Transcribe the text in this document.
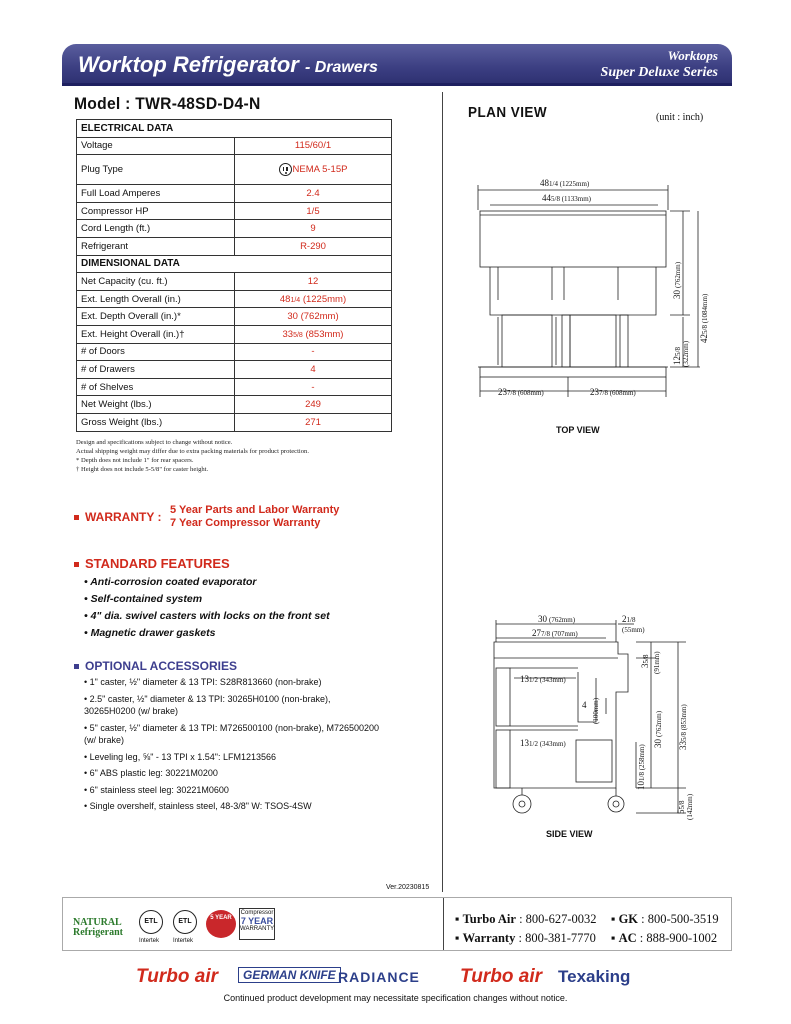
Worktop Refrigerator - Drawers
Worktops
Super Deluxe Series
Model : TWR-48SD-D4-N
ELECTRICAL DATA	
Voltage	115/60/1
Plug Type	NEMA 5-15P
Full Load Amperes	2.4
Compressor HP	1/5
Cord Length (ft.)	9
Refrigerant	R-290
DIMENSIONAL DATA	
Net Capacity (cu. ft.)	12
Ext. Length Overall (in.)	481/4 (1225mm)
Ext. Depth Overall (in.)*	30 (762mm)
Ext. Height Overall (in.)†	335/8 (853mm)
# of Doors	-
# of Drawers	4
# of Shelves	-
Net Weight (lbs.)	249
Gross Weight (lbs.)	271
Design and specifications subject to change without notice.
Actual shipping weight may differ due to extra packing materials for product protection.
* Depth does not include 1" for rear spacers.
† Height does not include 5-5/8" for caster height.
WARRANTY : 5 Year Parts and Labor Warranty
7 Year Compressor Warranty
STANDARD FEATURES
• Anti-corrosion coated evaporator
• Self-contained system
• 4" dia. swivel casters with locks on the front set
• Magnetic drawer gaskets
OPTIONAL ACCESSORIES
• 1" caster, ½" diameter & 13 TPI: S28R813660 (non-brake)
• 2.5" caster, ½" diameter & 13 TPI: 30265H0100 (non-brake), 30265H0200 (w/ brake)
• 5" caster, ½" diameter & 13 TPI: M726500100 (non-brake), M726500200 (w/ brake)
• Leveling leg, ⅝" - 13 TPI x 1.54": LFM1213566
• 6" ABS plastic leg: 30221M0200
• 6" stainless steel leg: 30221M0600
• Single overshelf, stainless steel, 48-3/8" W: TSOS-4SW
Ver.20230815
PLAN VIEW	(unit : inch)
481/4 (1225mm)
445/8 (1133mm)
30(762mm)
425/8 (1084mm)
125/8 (322mm)
237/8 (608mm)	237/8 (608mm)
TOP VIEW
30 (762mm)	21/8
(55mm)
277/8 (707mm)
35/8 (91mm)
131/2 (343mm)
4 (100mm)
30(762mm)
335/8 (853mm)
131/2 (343mm)
101/8 (258mm)
55/8 (142mm)
SIDE VIEW
NATURAL
Refrigerant
ETL
Intertek
ETL
Intertek
5 YEAR
Compressor
7 YEAR
WARRANTY
▪ Turbo Air : 800-627-0032 ▪ GK : 800-500-3519
▪ Warranty : 800-381-7770 ▪ AC : 888-900-1002
Turbo air	GERMAN KNIFE RADIANCE Turbo air Texaking
Continued product development may necessitate specification changes without notice.
